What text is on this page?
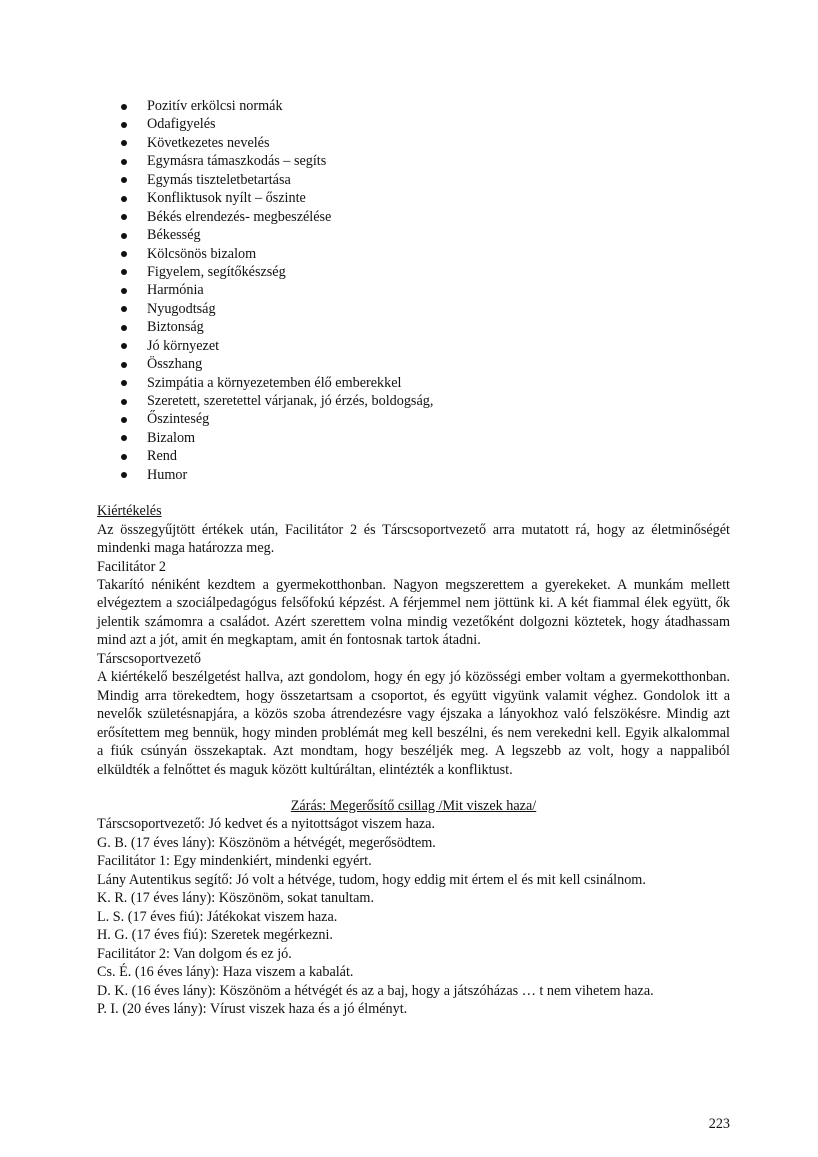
Pozitív erkölcsi normák
Odafigyelés
Következetes nevelés
Egymásra támaszkodás – segíts
Egymás tiszteletbetartása
Konfliktusok nyílt – őszinte
Békés elrendezés- megbeszélése
Békesség
Kölcsönös bizalom
Figyelem, segítőkészség
Harmónia
Nyugodtság
Biztonság
Jó környezet
Összhang
Szimpátia a környezetemben élő emberekkel
Szeretett, szeretettel várjanak, jó érzés, boldogság,
Őszinteség
Bizalom
Rend
Humor

Kiértékelés

Az összegyűjtött értékek után, Facilitátor 2 és Társcsoportvezető arra mutatott rá, hogy az életminőségét mindenki maga határozza meg.

Facilitátor 2

Takarító néniként kezdtem a gyermekotthonban. Nagyon megszerettem a gyerekeket. A munkám mellett elvégeztem a szociálpedagógus felsőfokú képzést. A férjemmel nem jöttünk ki. A két fiammal élek együtt, ők jelentik számomra a családot. Azért szerettem volna mindig vezetőként dolgozni köztetek, hogy átadhassam mind azt a jót, amit én megkaptam, amit én fontosnak tartok átadni.

Társcsoportvezető

A kiértékelő beszélgetést hallva, azt gondolom, hogy én egy jó közösségi ember voltam a gyermekotthonban. Mindig arra törekedtem, hogy összetartsam a csoportot, és együtt vigyünk valamit véghez. Gondolok itt a nevelők születésnapjára, a közös szoba átrendezésre vagy éjszaka a lányokhoz való felszökésre. Mindig azt erősítettem meg bennük, hogy minden problémát meg kell beszélni, és nem verekedni kell. Egyik alkalommal a fiúk csúnyán összekaptak. Azt mondtam, hogy beszéljék meg. A legszebb az volt, hogy a nappaliból elküldték a felnőttet és maguk között kultúráltan, elintézték a konfliktust.

Zárás: Megerősítő csillag /Mit viszek haza/

Társcsoportvezető: Jó kedvet és a nyitottságot viszem haza.

G. B. (17 éves lány): Köszönöm a hétvégét, megerősödtem.

Facilitátor 1: Egy mindenkiért, mindenki egyért.

Lány Autentikus segítő: Jó volt a hétvége, tudom, hogy eddig mit értem el és mit kell csinálnom.

K. R. (17 éves lány): Köszönöm, sokat tanultam.

L. S. (17 éves fiú): Játékokat viszem haza.

H. G. (17 éves fiú): Szeretek megérkezni.

Facilitátor 2: Van dolgom és ez jó.

Cs. É. (16 éves lány): Haza viszem a kabalát.

D. K. (16 éves lány): Köszönöm a hétvégét és az a baj, hogy a játszóházas … t nem vihetem haza.

P. I. (20 éves lány): Vírust viszek haza és a jó élményt.

223
